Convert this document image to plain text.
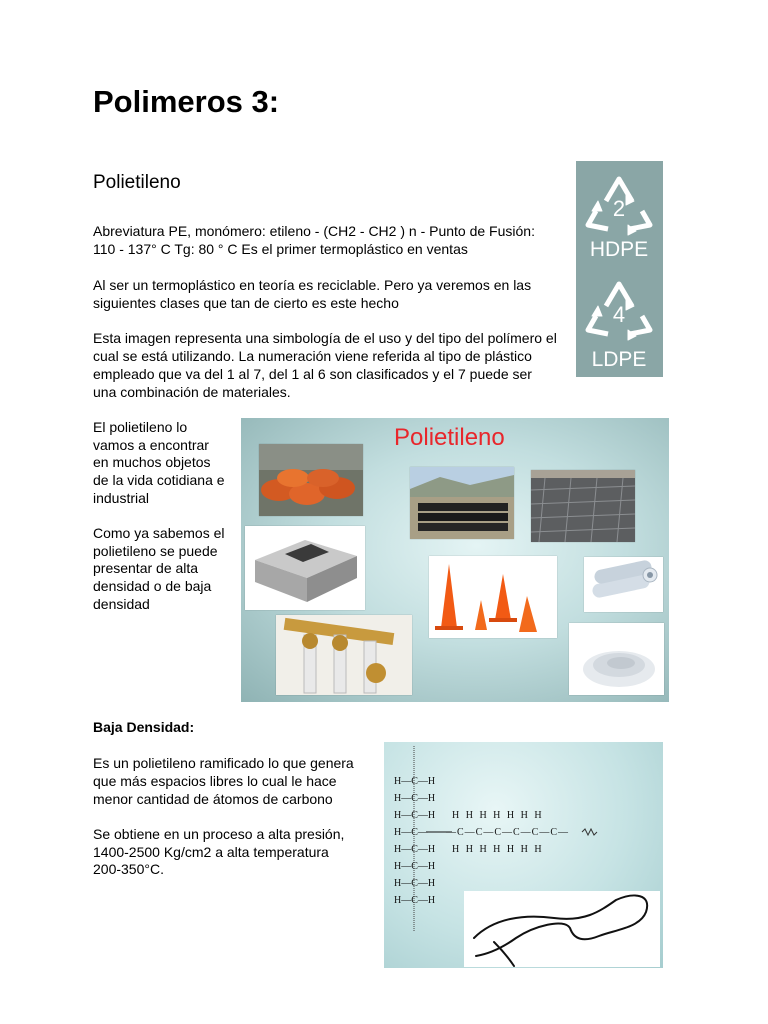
Polimeros 3:
Polietileno

Abreviatura PE, monómero: etileno - (CH2 - CH2 ) n - Punto de Fusión:

110 - 137° C Tg: 80 ° C Es el primer termoplástico en ventas

Al ser un termoplástico en teoría es reciclable. Pero ya veremos en las

siguientes clases que tan de cierto es este hecho

Esta imagen representa una simbología de el uso y del tipo del polímero el

cual se está utilizando. La numeración viene referida al tipo de plástico

empleado que va del 1 al 7, del 1 al 6 son clasificados y el 7 puede ser

una combinación de materiales.

2
HDPE
4
LDPE

El polietileno lo

vamos a encontrar

en muchos objetos

de la vida cotidiana e

industrial

Como ya sabemos el

polietileno se puede

presentar de alta

densidad o de baja

densidad

Polietileno

Baja Densidad:

Es un polietileno ramificado lo que genera

que más espacios libres lo cual le hace

menor cantidad de átomos de carbono

Se obtiene en un proceso a alta presión,

1400-2500 Kg/cm2 a alta temperatura

200-350°C.

H—C—H
H—C—H
H—C—H
H—C—
H—C—H
H—C—H
H—C—H
H—C—H
H H H H H H H
—C—C—C—C—C—C—
H H H H H H H
